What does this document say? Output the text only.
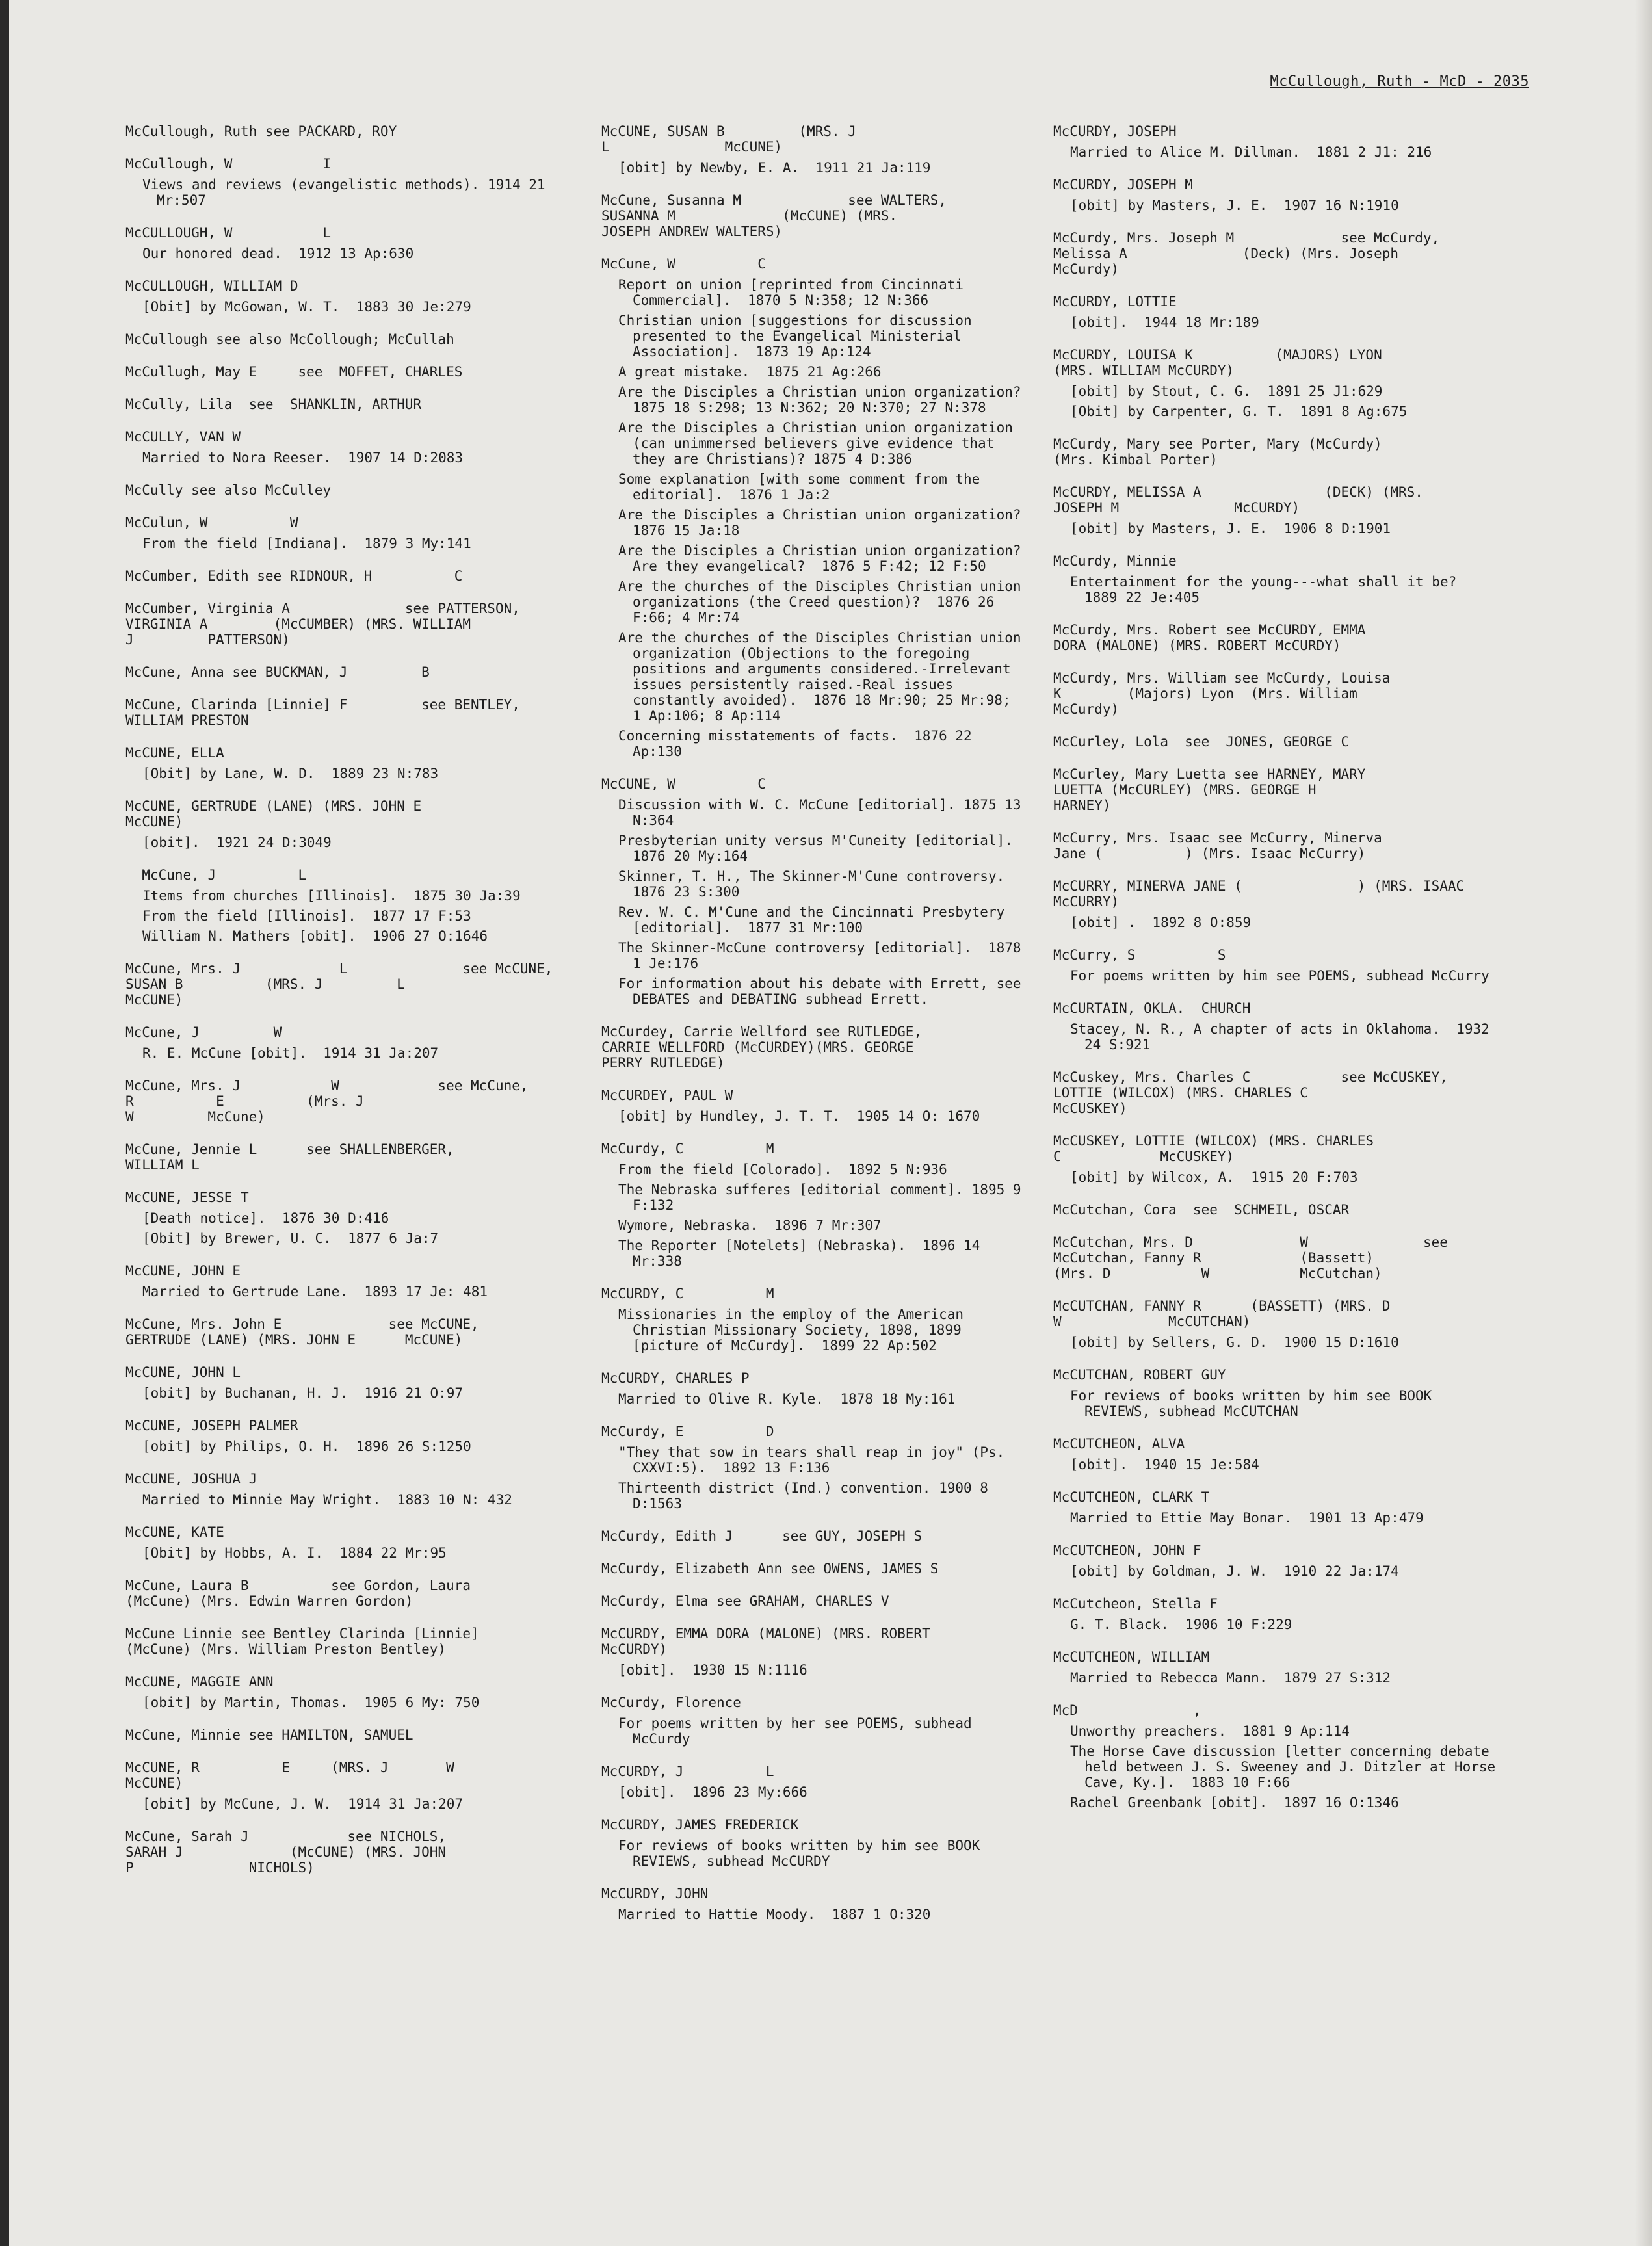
McCullough, Ruth - McD - 2035
McCullough, Ruth see PACKARD, ROY
McCullough, W           I
Views and reviews (evangelistic methods). 1914 21 Mr:507
McCULLOUGH, W           L
Our honored dead.  1912 13 Ap:630
McCULLOUGH, WILLIAM D
[Obit] by McGowan, W. T.  1883 30 Je:279
McCullough see also McCollough; McCullah
McCullugh, May E     see  MOFFET, CHARLES
McCully, Lila  see  SHANKLIN, ARTHUR
McCULLY, VAN W
Married to Nora Reeser.  1907 14 D:2083
McCully see also McCulley
McCulun, W          W
From the field [Indiana].  1879 3 My:141
McCumber, Edith see RIDNOUR, H          C
McCumber, Virginia A              see PATTERSON,
VIRGINIA A        (McCUMBER) (MRS. WILLIAM
J         PATTERSON)
McCune, Anna see BUCKMAN, J         B
McCune, Clarinda [Linnie] F         see BENTLEY,
WILLIAM PRESTON
McCUNE, ELLA
[Obit] by Lane, W. D.  1889 23 N:783
McCUNE, GERTRUDE (LANE) (MRS. JOHN E
McCUNE)
[obit].  1921 24 D:3049
McCune, J          L
Items from churches [Illinois].  1875 30 Ja:39
From the field [Illinois].  1877 17 F:53
William N. Mathers [obit].  1906 27 O:1646
McCune, Mrs. J            L              see McCUNE,
SUSAN B          (MRS. J         L
McCUNE)
McCune, J         W
R. E. McCune [obit].  1914 31 Ja:207
McCune, Mrs. J           W            see McCune,
R          E          (Mrs. J
W         McCune)
McCune, Jennie L      see SHALLENBERGER,
WILLIAM L
McCUNE, JESSE T
[Death notice].  1876 30 D:416
[Obit] by Brewer, U. C.  1877 6 Ja:7
McCUNE, JOHN E
Married to Gertrude Lane.  1893 17 Je: 481
McCune, Mrs. John E             see McCUNE,
GERTRUDE (LANE) (MRS. JOHN E      McCUNE)
McCUNE, JOHN L
[obit] by Buchanan, H. J.  1916 21 O:97
McCUNE, JOSEPH PALMER
[obit] by Philips, O. H.  1896 26 S:1250
McCUNE, JOSHUA J
Married to Minnie May Wright.  1883 10 N: 432
McCUNE, KATE
[Obit] by Hobbs, A. I.  1884 22 Mr:95
McCune, Laura B          see Gordon, Laura
(McCune) (Mrs. Edwin Warren Gordon)
McCune Linnie see Bentley Clarinda [Linnie]
(McCune) (Mrs. William Preston Bentley)
McCUNE, MAGGIE ANN
[obit] by Martin, Thomas.  1905 6 My: 750
McCune, Minnie see HAMILTON, SAMUEL
McCUNE, R          E     (MRS. J       W
McCUNE)
[obit] by McCune, J. W.  1914 31 Ja:207
McCune, Sarah J            see NICHOLS,
SARAH J             (McCUNE) (MRS. JOHN
P              NICHOLS)
McCUNE, SUSAN B         (MRS. J
L              McCUNE)
[obit] by Newby, E. A.  1911 21 Ja:119
McCune, Susanna M             see WALTERS,
SUSANNA M             (McCUNE) (MRS.
JOSEPH ANDREW WALTERS)
McCune, W          C
Report on union [reprinted from Cincinnati Commercial].  1870 5 N:358; 12 N:366
Christian union [suggestions for discussion presented to the Evangelical Ministerial Association].  1873 19 Ap:124
A great mistake.  1875 21 Ag:266
Are the Disciples a Christian union organization?  1875 18 S:298; 13 N:362; 20 N:370; 27 N:378
Are the Disciples a Christian union organization (can unimmersed believers give evidence that they are Christians)? 1875 4 D:386
Some explanation [with some comment from the editorial].  1876 1 Ja:2
Are the Disciples a Christian union organization?  1876 15 Ja:18
Are the Disciples a Christian union organization? Are they evangelical?  1876 5 F:42; 12 F:50
Are the churches of the Disciples Christian union organizations (the Creed question)?  1876 26 F:66; 4 Mr:74
Are the churches of the Disciples Christian union organization (Objections to the foregoing positions and arguments considered.-Irrelevant issues persistently raised.-Real issues constantly avoided).  1876 18 Mr:90; 25 Mr:98; 1 Ap:106; 8 Ap:114
Concerning misstatements of facts.  1876 22 Ap:130
McCUNE, W          C
Discussion with W. C. McCune [editorial]. 1875 13 N:364
Presbyterian unity versus M'Cuneity [editorial].  1876 20 My:164
Skinner, T. H., The Skinner-M'Cune controversy.  1876 23 S:300
Rev. W. C. M'Cune and the Cincinnati Presbytery [editorial].  1877 31 Mr:100
The Skinner-McCune controversy [editorial].  1878 1 Je:176
For information about his debate with Errett, see DEBATES and DEBATING subhead Errett.
McCurdey, Carrie Wellford see RUTLEDGE,
CARRIE WELLFORD (McCURDEY)(MRS. GEORGE
PERRY RUTLEDGE)
McCURDEY, PAUL W
[obit] by Hundley, J. T. T.  1905 14 O: 1670
McCurdy, C          M
From the field [Colorado].  1892 5 N:936
The Nebraska sufferes [editorial comment]. 1895 9 F:132
Wymore, Nebraska.  1896 7 Mr:307
The Reporter [Notelets] (Nebraska).  1896 14 Mr:338
McCURDY, C          M
Missionaries in the employ of the American Christian Missionary Society, 1898, 1899 [picture of McCurdy].  1899 22 Ap:502
McCURDY, CHARLES P
Married to Olive R. Kyle.  1878 18 My:161
McCurdy, E          D
"They that sow in tears shall reap in joy" (Ps. CXXVI:5).  1892 13 F:136
Thirteenth district (Ind.) convention. 1900 8 D:1563
McCurdy, Edith J      see GUY, JOSEPH S
McCurdy, Elizabeth Ann see OWENS, JAMES S
McCurdy, Elma see GRAHAM, CHARLES V
McCURDY, EMMA DORA (MALONE) (MRS. ROBERT
McCURDY)
[obit].  1930 15 N:1116
McCurdy, Florence
For poems written by her see POEMS, subhead McCurdy
McCURDY, J          L
[obit].  1896 23 My:666
McCURDY, JAMES FREDERICK
For reviews of books written by him see BOOK REVIEWS, subhead McCURDY
McCURDY, JOHN
Married to Hattie Moody.  1887 1 O:320
McCURDY, JOSEPH
Married to Alice M. Dillman.  1881 2 J1: 216
McCURDY, JOSEPH M
[obit] by Masters, J. E.  1907 16 N:1910
McCurdy, Mrs. Joseph M             see McCurdy,
Melissa A              (Deck) (Mrs. Joseph
McCurdy)
McCURDY, LOTTIE
[obit].  1944 18 Mr:189
McCURDY, LOUISA K          (MAJORS) LYON
(MRS. WILLIAM McCURDY)
[obit] by Stout, C. G.  1891 25 J1:629
[Obit] by Carpenter, G. T.  1891 8 Ag:675
McCurdy, Mary see Porter, Mary (McCurdy)
(Mrs. Kimbal Porter)
McCURDY, MELISSA A               (DECK) (MRS.
JOSEPH M              McCURDY)
[obit] by Masters, J. E.  1906 8 D:1901
McCurdy, Minnie
Entertainment for the young---what shall it be?  1889 22 Je:405
McCurdy, Mrs. Robert see McCURDY, EMMA
DORA (MALONE) (MRS. ROBERT McCURDY)
McCurdy, Mrs. William see McCurdy, Louisa
K        (Majors) Lyon  (Mrs. William
McCurdy)
McCurley, Lola  see  JONES, GEORGE C
McCurley, Mary Luetta see HARNEY, MARY
LUETTA (McCURLEY) (MRS. GEORGE H
HARNEY)
McCurry, Mrs. Isaac see McCurry, Minerva
Jane (          ) (Mrs. Isaac McCurry)
McCURRY, MINERVA JANE (              ) (MRS. ISAAC
McCURRY)
[obit] .  1892 8 O:859
McCurry, S          S
For poems written by him see POEMS, subhead McCurry
McCURTAIN, OKLA.  CHURCH
Stacey, N. R., A chapter of acts in Oklahoma.  1932 24 S:921
McCuskey, Mrs. Charles C           see McCUSKEY,
LOTTIE (WILCOX) (MRS. CHARLES C
McCUSKEY)
McCUSKEY, LOTTIE (WILCOX) (MRS. CHARLES
C            McCUSKEY)
[obit] by Wilcox, A.  1915 20 F:703
McCutchan, Cora  see  SCHMEIL, OSCAR
McCutchan, Mrs. D             W              see
McCutchan, Fanny R            (Bassett)
(Mrs. D           W           McCutchan)
McCUTCHAN, FANNY R      (BASSETT) (MRS. D
W             McCUTCHAN)
[obit] by Sellers, G. D.  1900 15 D:1610
McCUTCHAN, ROBERT GUY
For reviews of books written by him see BOOK REVIEWS, subhead McCUTCHAN
McCUTCHEON, ALVA
[obit].  1940 15 Je:584
McCUTCHEON, CLARK T
Married to Ettie May Bonar.  1901 13 Ap:479
McCUTCHEON, JOHN F
[obit] by Goldman, J. W.  1910 22 Ja:174
McCutcheon, Stella F
G. T. Black.  1906 10 F:229
McCUTCHEON, WILLIAM
Married to Rebecca Mann.  1879 27 S:312
McD              ,
Unworthy preachers.  1881 9 Ap:114
The Horse Cave discussion [letter concerning debate held between J. S. Sweeney and J. Ditzler at Horse Cave, Ky.].  1883 10 F:66
Rachel Greenbank [obit].  1897 16 O:1346
